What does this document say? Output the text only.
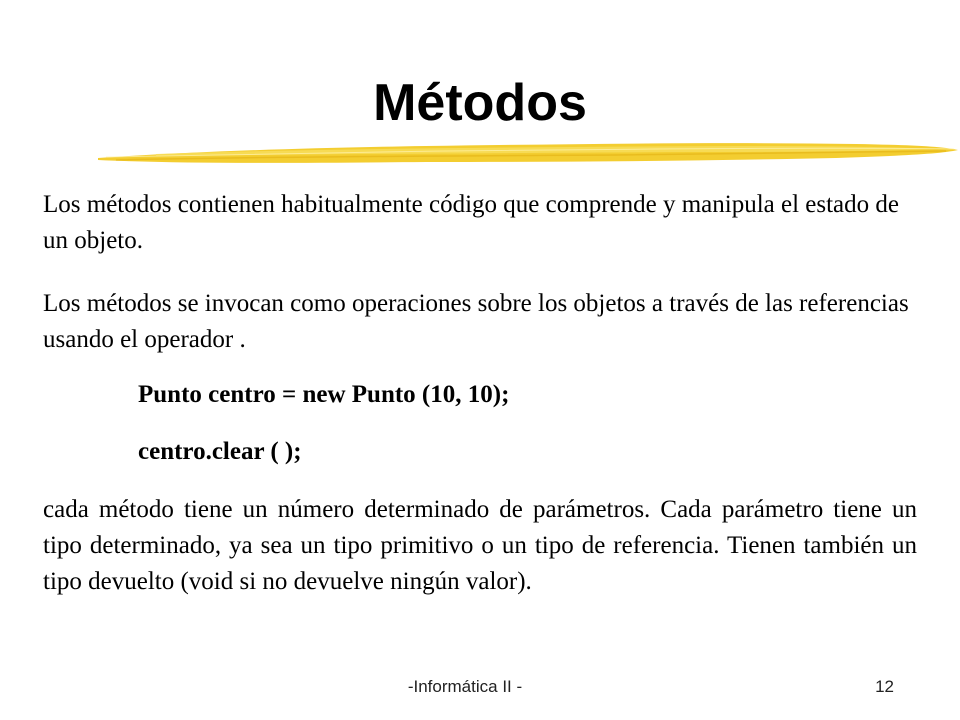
Métodos

Los métodos contienen habitualmente código que comprende y manipula el estado de un objeto.

Los métodos se invocan como operaciones sobre los objetos a través de las referencias usando el operador .

Punto centro = new Punto (10, 10);

centro.clear ( );

cada método tiene un número determinado de parámetros. Cada parámetro tiene un tipo determinado, ya sea un tipo primitivo o un tipo de referencia. Tienen también un tipo devuelto (void si no devuelve ningún valor).

-Informática II -	12
